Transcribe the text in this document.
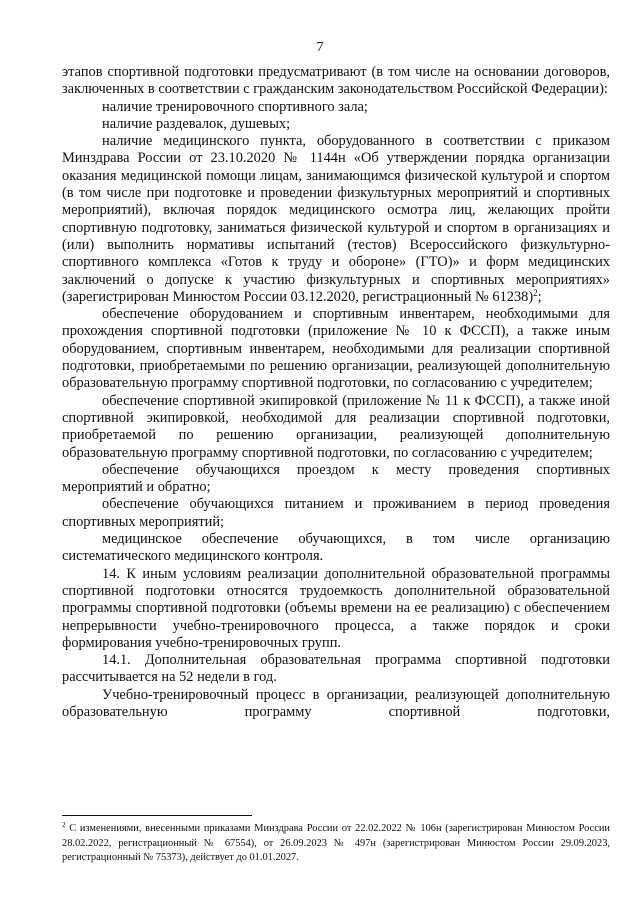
7

этапов спортивной подготовки предусматривают (в том числе на основании договоров, заключенных в соответствии с гражданским законодательством Российской Федерации):

наличие тренировочного спортивного зала;

наличие раздевалок, душевых;

наличие медицинского пункта, оборудованного в соответствии с приказом Минздрава России от 23.10.2020 № 1144н «Об утверждении порядка организации оказания медицинской помощи лицам, занимающимся физической культурой и спортом (в том числе при подготовке и проведении физкультурных мероприятий и спортивных мероприятий), включая порядок медицинского осмотра лиц, желающих пройти спортивную подготовку, заниматься физической культурой и спортом в организациях и (или) выполнить нормативы испытаний (тестов) Всероссийского физкультурно-спортивного комплекса «Готов к труду и обороне» (ГТО)» и форм медицинских заключений о допуске к участию физкультурных и спортивных мероприятиях» (зарегистрирован Минюстом России 03.12.2020, регистрационный № 61238)$^2$;

обеспечение оборудованием и спортивным инвентарем, необходимыми для прохождения спортивной подготовки (приложение № 10 к ФССП), а также иным оборудованием, спортивным инвентарем, необходимыми для реализации спортивной подготовки, приобретаемыми по решению организации, реализующей дополнительную образовательную программу спортивной подготовки, по согласованию с учредителем;

обеспечение спортивной экипировкой (приложение № 11 к ФССП), а также иной спортивной экипировкой, необходимой для реализации спортивной подготовки, приобретаемой по решению организации, реализующей дополнительную образовательную программу спортивной подготовки, по согласованию с учредителем;

обеспечение обучающихся проездом к месту проведения спортивных мероприятий и обратно;

обеспечение обучающихся питанием и проживанием в период проведения спортивных мероприятий;

медицинское обеспечение обучающихся, в том числе организацию систематического медицинского контроля.

14. К иным условиям реализации дополнительной образовательной программы спортивной подготовки относятся трудоемкость дополнительной образовательной программы спортивной подготовки (объемы времени на ее реализацию) с обеспечением непрерывности учебно-тренировочного процесса, а также порядок и сроки формирования учебно-тренировочных групп.

14.1. Дополнительная образовательная программа спортивной подготовки рассчитывается на 52 недели в год.

Учебно-тренировочный процесс в организации, реализующей дополнительную образовательную программу спортивной подготовки,

$^2$ С изменениями, внесенными приказами Минздрава России от 22.02.2022 № 106н (зарегистрирован Минюстом России 28.02.2022, регистрационный № 67554), от 26.09.2023 № 497н (зарегистрирован Минюстом России 29.09.2023, регистрационный № 75373), действует до 01.01.2027.
